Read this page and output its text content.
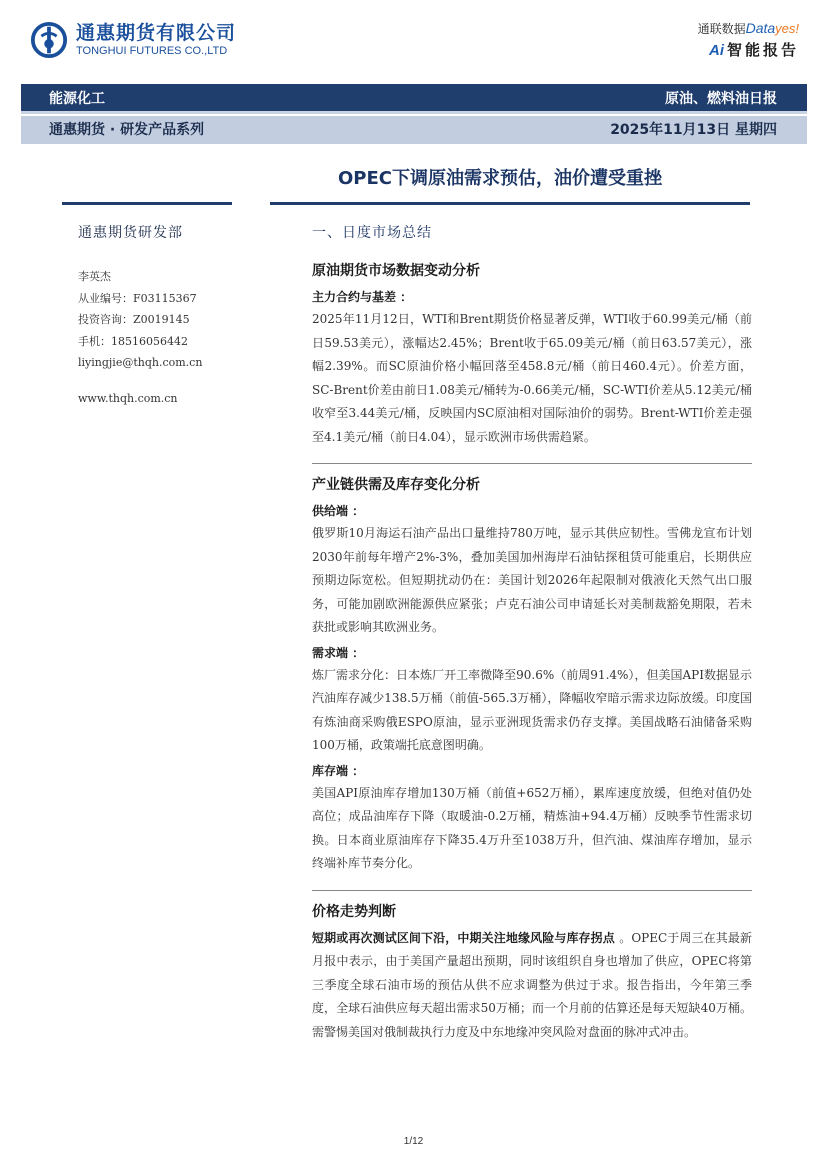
通惠期货有限公司
TONGHUI FUTURES CO.,LTD
通联数据Datayes!
Ai 智能报告
能源化工	原油、燃料油日报
通惠期货 · 研发产品系列	2025年11月13日 星期四
OPEC下调原油需求预估，油价遭受重挫
通惠期货研发部
李英杰
从业编号：F03115367
投资咨询：Z0019145
手机：18516056442
liyingjie@thqh.com.cn
www.thqh.com.cn
一、日度市场总结
原油期货市场数据变动分析
主力合约与基差 ：
2025年11月12日，WTI和Brent期货价格显著反弹，WTI收于60.99美元/桶（前日59.53美元），涨幅达2.45%；Brent收于65.09美元/桶（前日63.57美元），涨幅2.39%。而SC原油价格小幅回落至458.8元/桶（前日460.4元）。价差方面，SC-Brent价差由前日1.08美元/桶转为-0.66美元/桶，SC-WTI价差从5.12美元/桶收窄至3.44美元/桶，反映国内SC原油相对国际油价的弱势。Brent-WTI价差走强至4.1美元/桶（前日4.04），显示欧洲市场供需趋紧。
产业链供需及库存变化分析
供给端 ：
俄罗斯10月海运石油产品出口量维持780万吨，显示其供应韧性。雪佛龙宣布计划2030年前每年增产2%-3%，叠加美国加州海岸石油钻探租赁可能重启，长期供应预期边际宽松。但短期扰动仍在：美国计划2026年起限制对俄液化天然气出口服务，可能加剧欧洲能源供应紧张；卢克石油公司申请延长对美制裁豁免期限，若未获批或影响其欧洲业务。
需求端 ：
炼厂需求分化：日本炼厂开工率微降至90.6%（前周91.4%），但美国API数据显示汽油库存减少138.5万桶（前值-565.3万桶），降幅收窄暗示需求边际放缓。印度国有炼油商采购俄ESPO原油，显示亚洲现货需求仍存支撑。美国战略石油储备采购100万桶，政策端托底意图明确。
库存端 ：
美国API原油库存增加130万桶（前值+652万桶），累库速度放缓，但绝对值仍处高位；成品油库存下降（取暖油-0.2万桶，精炼油+94.4万桶）反映季节性需求切换。日本商业原油库存下降35.4万升至1038万升，但汽油、煤油库存增加，显示终端补库节奏分化。
价格走势判断
短期或再次测试区间下沿，中期关注地缘风险与库存拐点 。OPEC于周三在其最新月报中表示，由于美国产量超出预期，同时该组织自身也增加了供应，OPEC将第三季度全球石油市场的预估从供不应求调整为供过于求。报告指出，今年第三季度，全球石油供应每天超出需求50万桶；而一个月前的估算还是每天短缺40万桶。需警惕美国对俄制裁执行力度及中东地缘冲突风险对盘面的脉冲式冲击。
1/12
